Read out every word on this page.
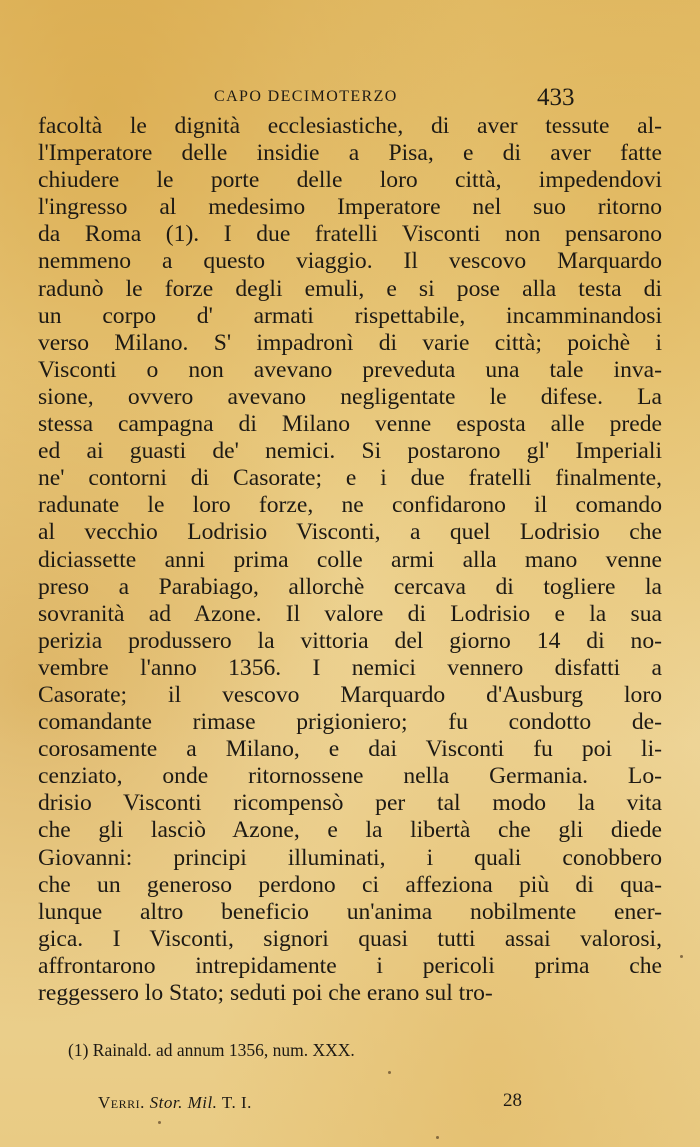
CAPO DECIMOTERZO	433
facoltà le dignità ecclesiastiche, di aver tessute al-
l'Imperatore delle insidie a Pisa, e di aver fatte
chiudere le porte delle loro città, impedendovi
l'ingresso al medesimo Imperatore nel suo ritorno
da Roma (1). I due fratelli Visconti non pensarono
nemmeno a questo viaggio. Il vescovo Marquardo
radunò le forze degli emuli, e si pose alla testa di
un corpo d' armati rispettabile, incamminandosi
verso Milano. S' impadronì di varie città; poichè i
Visconti o non avevano preveduta una tale inva-
sione, ovvero avevano negligentate le difese. La
stessa campagna di Milano venne esposta alle prede
ed ai guasti de' nemici. Si postarono gl' Imperiali
ne' contorni di Casorate; e i due fratelli finalmente,
radunate le loro forze, ne confidarono il comando
al vecchio Lodrisio Visconti, a quel Lodrisio che
diciassette anni prima colle armi alla mano venne
preso a Parabiago, allorchè cercava di togliere la
sovranità ad Azone. Il valore di Lodrisio e la sua
perizia produssero la vittoria del giorno 14 di no-
vembre l'anno 1356. I nemici vennero disfatti a
Casorate; il vescovo Marquardo d'Ausburg loro
comandante rimase prigioniero; fu condotto de-
corosamente a Milano, e dai Visconti fu poi li-
cenziato, onde ritornossene nella Germania. Lo-
drisio Visconti ricompensò per tal modo la vita
che gli lasciò Azone, e la libertà che gli diede
Giovanni: principi illuminati, i quali conobbero
che un generoso perdono ci affeziona più di qua-
lunque altro beneficio un'anima nobilmente ener-
gica. I Visconti, signori quasi tutti assai valorosi,
affrontarono intrepidamente i pericoli prima che
reggessero lo Stato; seduti poi che erano sul tro-
(1) Rainald. ad annum 1356, num. XXX.
Verri. Stor. Mil. T. I.	28
